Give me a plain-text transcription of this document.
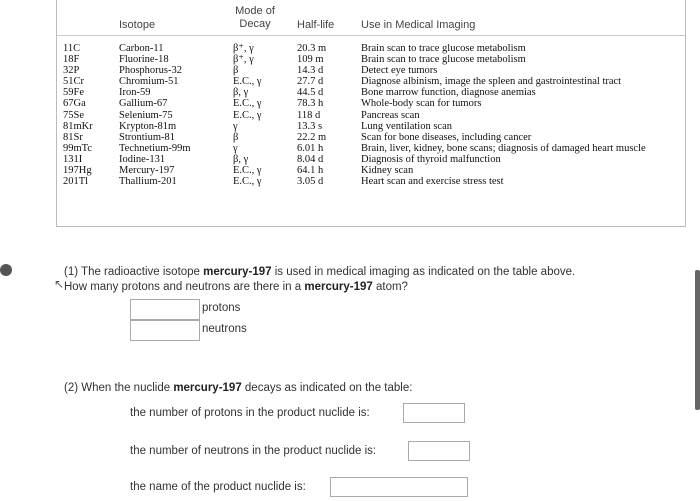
Isotope
Mode of Decay	Half-life Use in Medical Imaging
11C
18F
32P
51Cr
59Fe
67Ga
75Se
81mKr
81Sr
99mTc
131I
197Hg
201Tl
Carbon-11
Fluorine-18
Phosphorus-32
Chromium-51
Iron-59
Gallium-67
Selenium-75
Krypton-81m
Strontium-81
Technetium-99m
Iodine-131
Mercury-197
Thallium-201
β⁺, γ
β⁺, γ
β
E.C., γ
β, γ
E.C., γ
E.C., γ
γ
β
γ
β, γ
E.C., γ
E.C., γ
20.3 m
109 m
14.3 d
27.7 d
44.5 d
78.3 h
118 d
13.3 s
22.2 m
6.01 h
8.04 d
64.1 h
3.05 d
Brain scan to trace glucose metabolism
Brain scan to trace glucose metabolism
Detect eye tumors
Diagnose albinism, image the spleen and gastrointestinal tract
Bone marrow function, diagnose anemias
Whole-body scan for tumors
Pancreas scan
Lung ventilation scan
Scan for bone diseases, including cancer
Brain, liver, kidney, bone scans; diagnosis of damaged heart muscle
Diagnosis of thyroid malfunction
Kidney scan
Heart scan and exercise stress test
↖
(1) The radioactive isotope mercury-197 is used in medical imaging as indicated on the table above.
How many protons and neutrons are there in a mercury-197 atom?
protons
neutrons
(2) When the nuclide mercury-197 decays as indicated on the table:
the number of protons in the product nuclide is:
the number of neutrons in the product nuclide is:
the name of the product nuclide is:
